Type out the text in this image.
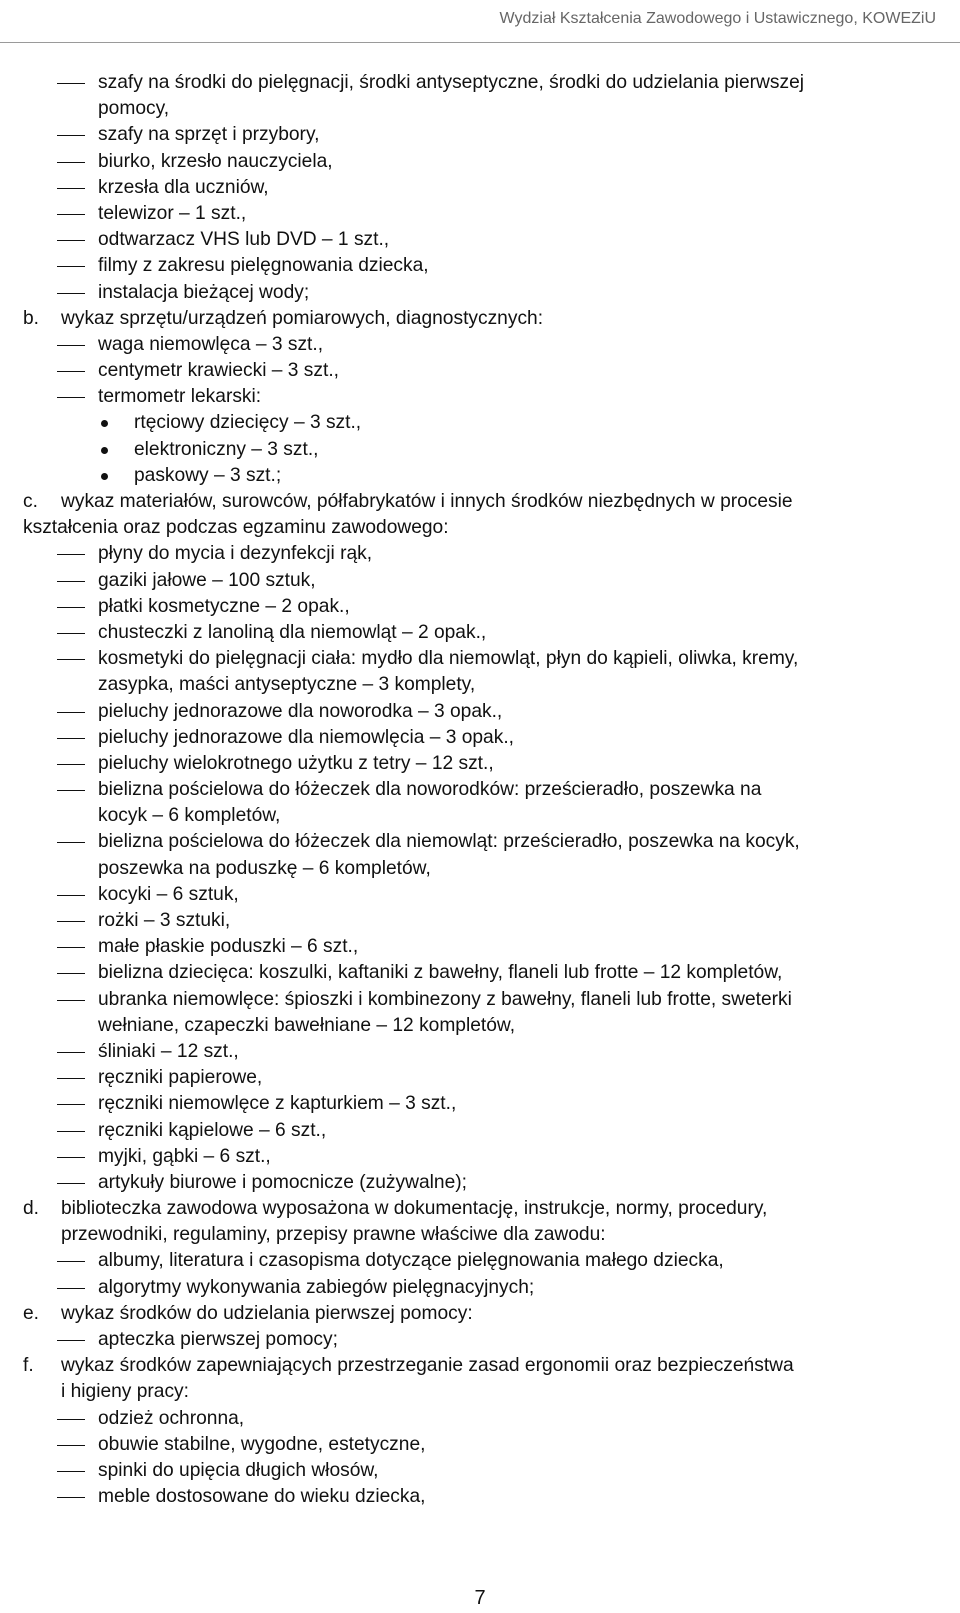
Wydział Kształcenia Zawodowego i Ustawicznego, KOWEZiU
szafy na środki do pielęgnacji, środki antyseptyczne, środki do udzielania pierwszej
pomocy,
szafy na sprzęt i przybory,
biurko, krzesło nauczyciela,
krzesła dla uczniów,
telewizor – 1 szt.,
odtwarzacz VHS lub DVD – 1 szt.,
filmy z zakresu pielęgnowania dziecka,
instalacja bieżącej wody;
b. wykaz sprzętu/urządzeń pomiarowych, diagnostycznych:
waga niemowlęca – 3 szt.,
centymetr krawiecki – 3 szt.,
termometr lekarski:
rtęciowy dziecięcy – 3 szt.,
elektroniczny – 3 szt.,
paskowy – 3 szt.;
c. wykaz materiałów, surowców, półfabrykatów i innych środków niezbędnych w procesie
kształcenia oraz podczas egzaminu zawodowego:
płyny do mycia i dezynfekcji rąk,
gaziki jałowe – 100 sztuk,
płatki kosmetyczne – 2 opak.,
chusteczki z lanoliną dla niemowląt – 2 opak.,
kosmetyki do pielęgnacji ciała: mydło dla niemowląt, płyn do kąpieli, oliwka, kremy,
zasypka, maści antyseptyczne – 3 komplety,
pieluchy jednorazowe dla noworodka – 3 opak.,
pieluchy jednorazowe dla niemowlęcia – 3 opak.,
pieluchy wielokrotnego użytku z tetry – 12 szt.,
bielizna pościelowa do łóżeczek dla noworodków: prześcieradło, poszewka na
kocyk – 6 kompletów,
bielizna pościelowa do łóżeczek dla niemowląt: prześcieradło, poszewka na kocyk,
poszewka na poduszkę – 6 kompletów,
kocyki – 6 sztuk,
rożki – 3 sztuki,
małe płaskie poduszki – 6 szt.,
bielizna dziecięca: koszulki, kaftaniki z bawełny, flaneli lub frotte – 12 kompletów,
ubranka niemowlęce: śpioszki i kombinezony z bawełny, flaneli lub frotte, sweterki
wełniane, czapeczki bawełniane – 12 kompletów,
śliniaki – 12 szt.,
ręczniki papierowe,
ręczniki niemowlęce z kapturkiem – 3 szt.,
ręczniki kąpielowe – 6 szt.,
myjki, gąbki – 6 szt.,
artykuły biurowe i pomocnicze (zużywalne);
d. biblioteczka zawodowa wyposażona w dokumentację, instrukcje, normy, procedury,
przewodniki, regulaminy, przepisy prawne właściwe dla zawodu:
albumy, literatura i czasopisma dotyczące pielęgnowania małego dziecka,
algorytmy wykonywania zabiegów pielęgnacyjnych;
e. wykaz środków do udzielania pierwszej pomocy:
apteczka pierwszej pomocy;
f. wykaz środków zapewniających przestrzeganie zasad ergonomii oraz bezpieczeństwa
i higieny pracy:
odzież ochronna,
obuwie stabilne, wygodne, estetyczne,
spinki do upięcia długich włosów,
meble dostosowane do wieku dziecka,
7
